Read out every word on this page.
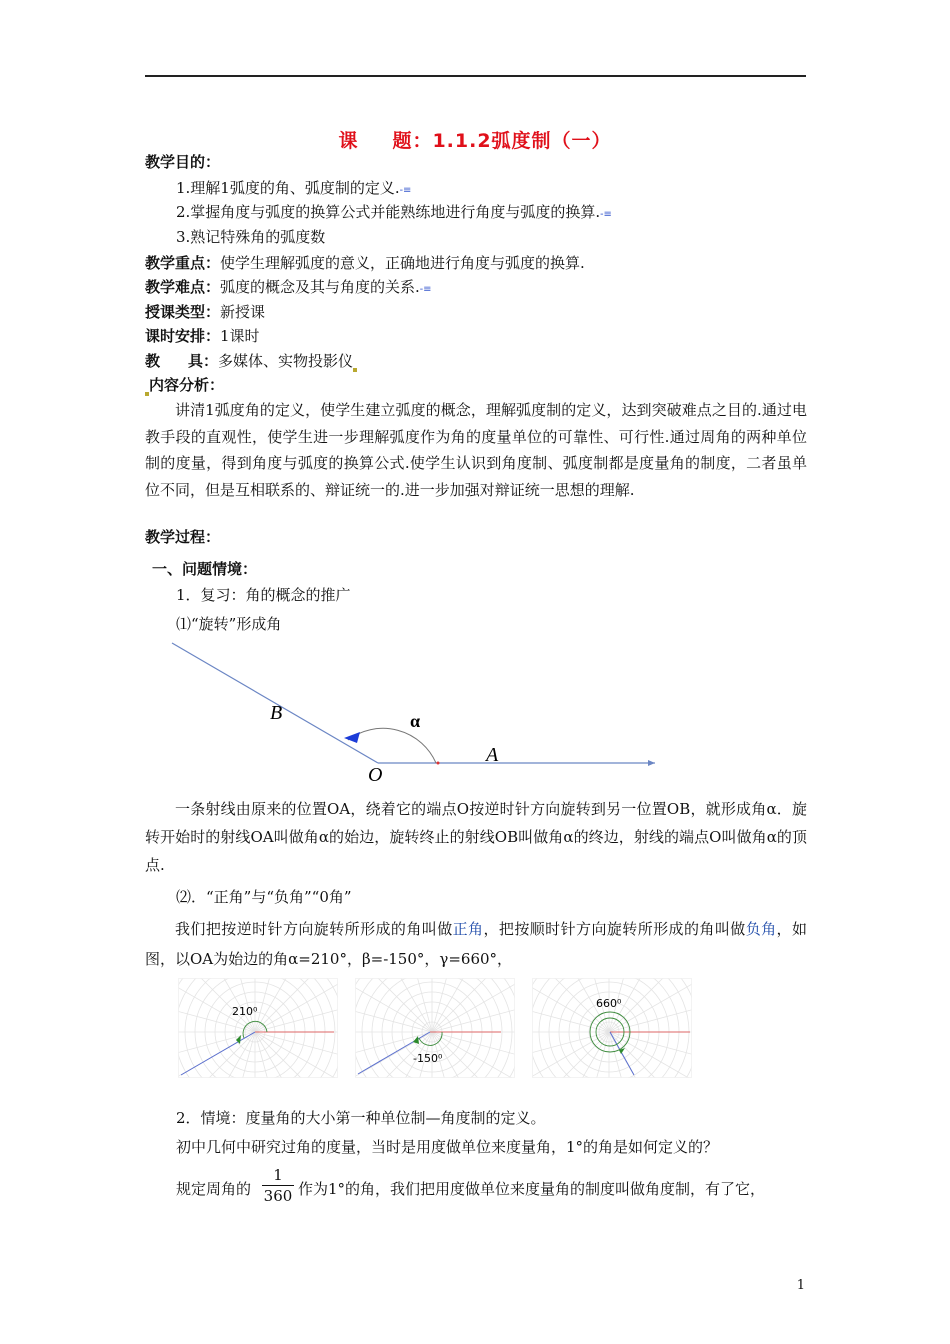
课 题：1.1.2弧度制（一）
教学目的：
1.理解1弧度的角、弧度制的定义.-≡
2.掌握角度与弧度的换算公式并能熟练地进行角度与弧度的换算.-≡
3.熟记特殊角的弧度数
教学重点：使学生理解弧度的意义，正确地进行角度与弧度的换算.
教学难点：弧度的概念及其与角度的关系.-≡
授课类型：新授课
课时安排：1课时
教 具：多媒体、实物投影仪
内容分析：
讲清1弧度角的定义，使学生建立弧度的概念，理解弧度制的定义，达到突破难点之目的.通过电教手段的直观性，使学生进一步理解弧度作为角的度量单位的可靠性、可行性.通过周角的两种单位制的度量，得到角度与弧度的换算公式.使学生认识到角度制、弧度制都是度量角的制度，二者虽单位不同，但是互相联系的、辩证统一的.进一步加强对辩证统一思想的理解.
教学过程：
一、问题情境：
1．复习：角的概念的推广
⑴“旋转”形成角
B	α
A
O
一条射线由原来的位置OA，绕着它的端点O按逆时针方向旋转到另一位置OB，就形成角α．旋转开始时的射线OA叫做角α的始边，旋转终止的射线OB叫做角α的终边，射线的端点O叫做角α的顶点.
⑵．“正角”与“负角”“0角”
我们把按逆时针方向旋转所形成的角叫做正角，把按顺时针方向旋转所形成的角叫做负角，如图，以OA为始边的角α=210°，β=-150°，γ=660°，
210⁰
-150⁰
660⁰
2．情境：度量角的大小第一种单位制—角度制的定义。
初中几何中研究过角的度量，当时是用度做单位来度量角，1°的角是如何定义的？
规定周角的
1
360 作为1°的角，我们把用度做单位来度量角的制度叫做角度制，有了它，
1
